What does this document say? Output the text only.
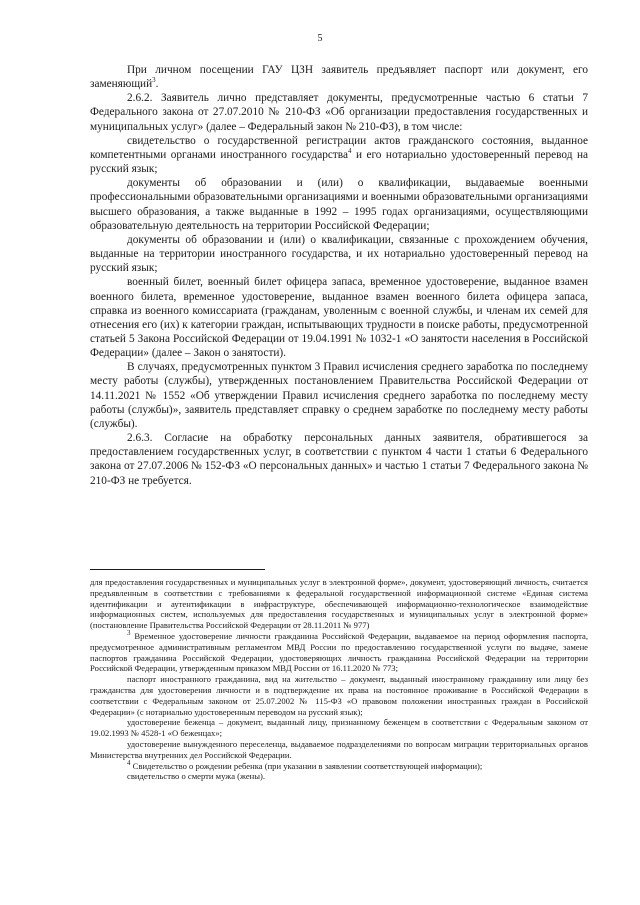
5

При личном посещении ГАУ ЦЗН заявитель предъявляет паспорт или документ, его заменяющий$^3$.

2.6.2. Заявитель лично представляет документы, предусмотренные частью 6 статьи 7 Федерального закона от 27.07.2010 № 210-ФЗ «Об организации предоставления государственных и муниципальных услуг» (далее – Федеральный закон № 210-ФЗ), в том числе:

свидетельство о государственной регистрации актов гражданского состояния, выданное компетентными органами иностранного государства$^4$ и его нотариально удостоверенный перевод на русский язык;

документы об образовании и (или) о квалификации, выдаваемые военными профессиональными образовательными организациями и военными образовательными организациями высшего образования, а также выданные в 1992 – 1995 годах организациями, осуществляющими образовательную деятельность на территории Российской Федерации;

документы об образовании и (или) о квалификации, связанные с прохождением обучения, выданные на территории иностранного государства, и их нотариально удостоверенный перевод на русский язык;

военный билет, военный билет офицера запаса, временное удостоверение, выданное взамен военного билета, временное удостоверение, выданное взамен военного билета офицера запаса, справка из военного комиссариата (гражданам, уволенным с военной службы, и членам их семей для отнесения его (их) к категории граждан, испытывающих трудности в поиске работы, предусмотренной статьей 5 Закона Российской Федерации от 19.04.1991 № 1032-1 «О занятости населения в Российской Федерации» (далее – Закон о занятости).

В случаях, предусмотренных пунктом 3 Правил исчисления среднего заработка по последнему месту работы (службы), утвержденных постановлением Правительства Российской Федерации от 14.11.2021 № 1552 «Об утверждении Правил исчисления среднего заработка по последнему месту работы (службы)», заявитель представляет справку о среднем заработке по последнему месту работы (службы).

2.6.3. Согласие на обработку персональных данных заявителя, обратившегося за предоставлением государственных услуг, в соответствии с пунктом 4 части 1 статьи 6 Федерального закона от 27.07.2006 № 152-ФЗ «О персональных данных» и частью 1 статьи 7 Федерального закона № 210-ФЗ не требуется.

для предоставления государственных и муниципальных услуг в электронной форме», документ, удостоверяющий личность, считается предъявленным в соответствии с требованиями к федеральной государственной информационной системе «Единая система идентификации и аутентификации в инфраструктуре, обеспечивающей информационно-технологическое взаимодействие информационных систем, используемых для предоставления государственных и муниципальных услуг в электронной форме» (постановление Правительства Российской Федерации от 28.11.2011 № 977)

$^3$ Временное удостоверение личности гражданина Российской Федерации, выдаваемое на период оформления паспорта, предусмотренное административным регламентом МВД России по предоставлению государственной услуги по выдаче, замене паспортов гражданина Российской Федерации, удостоверяющих личность гражданина Российской Федерации на территории Российской Федерации, утвержденным приказом МВД России от 16.11.2020 № 773;

паспорт иностранного гражданина, вид на жительство – документ, выданный иностранному гражданину или лицу без гражданства для удостоверения личности и в подтверждение их права на постоянное проживание в Российской Федерации в соответствии с Федеральным законом от 25.07.2002 № 115-ФЗ «О правовом положении иностранных граждан в Российской Федерации» (с нотариально удостоверенным переводом на русский язык);

удостоверение беженца – документ, выданный лицу, признанному беженцем в соответствии с Федеральным законом от 19.02.1993 № 4528-1 «О беженцах»;

удостоверение вынужденного переселенца, выдаваемое подразделениями по вопросам миграции территориальных органов Министерства внутренних дел Российской Федерации.

$^4$ Свидетельство о рождении ребенка (при указании в заявлении соответствующей информации);

свидетельство о смерти мужа (жены).
